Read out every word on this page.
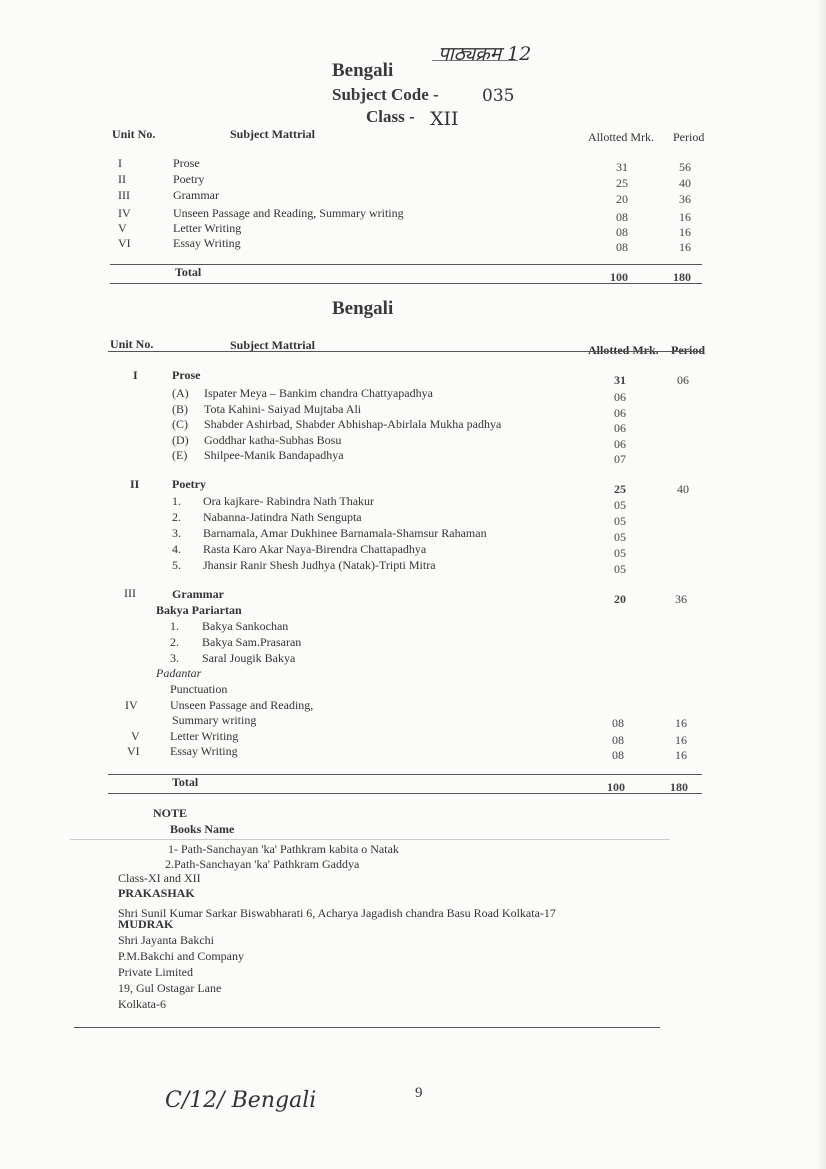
पाठ्यक्रम 12
Bengali
Subject Code -	035
Class - XII
Unit No.	Subject Mattrial	Allotted Mrk. Period
I	Prose	31	56
II	Poetry	25	40
III	Grammar	20	36
IV	Unseen Passage and Reading, Summary writing	08	16
V	Letter Writing	08	16
VI	Essay Writing	08	16
Total	100	180
Bengali
Unit No.	Subject Mattrial	Allotted Mrk. Period
I	Prose	31	06
(A) Ispater Meya – Bankim chandra Chattyapadhya	06
(B) Tota Kahini- Saiyad Mujtaba Ali	06
(C) Shabder Ashirbad, Shabder Abhishap-Abirlala Mukha padhya	06
(D) Goddhar katha-Subhas Bosu	06
(E) Shilpee-Manik Bandapadhya	07
II	Poetry	25	40
1. Ora kajkare- Rabindra Nath Thakur	05
2. Nabanna-Jatindra Nath Sengupta	05
3. Barnamala, Amar Dukhinee Barnamala-Shamsur Rahaman	05
4. Rasta Karo Akar Naya-Birendra Chattapadhya	05
5. Jhansir Ranir Shesh Judhya (Natak)-Tripti Mitra	05
III	Grammar	20	36
Bakya Pariartan
1. Bakya Sankochan
2. Bakya Sam.Prasaran
3. Saral Jougik Bakya
Padantar
Punctuation
IV	Unseen Passage and Reading,
Summary writing	08	16
V	Letter Writing	08	16
VI	Essay Writing	08	16
Total	100	180
NOTE
Books Name
1- Path-Sanchayan 'ka' Pathkram kabita o Natak
2.Path-Sanchayan 'ka' Pathkram Gaddya
Class-XI and XII
PRAKASHAK
Shri Sunil Kumar Sarkar Biswabharati 6, Acharya Jagadish chandra Basu Road Kolkata-17
MUDRAK
Shri Jayanta Bakchi
P.M.Bakchi and Company
Private Limited
19, Gul Ostagar Lane
Kolkata-6
C/12/ Bengali	9
